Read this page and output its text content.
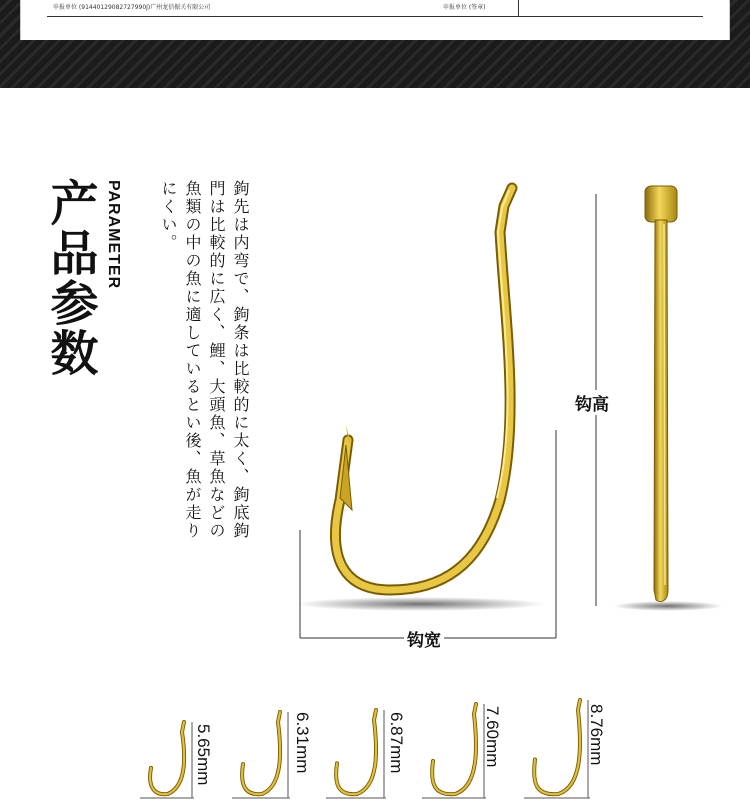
申报单位 (91440129082727990J)广州龙信振关有限公司	申报单位 (签章)
产品参数 PARAMETER	鉤先は内弯で、鉤条は比較的に太く、鉤底鉤門は比較的に広く、鯉、大頭魚、草魚などの魚類の中の魚に適しているとい後、魚が走りにくい。
钩高
钩宽
5.65mm	6.31mm	6.87mm	7.60mm	8.76mm
